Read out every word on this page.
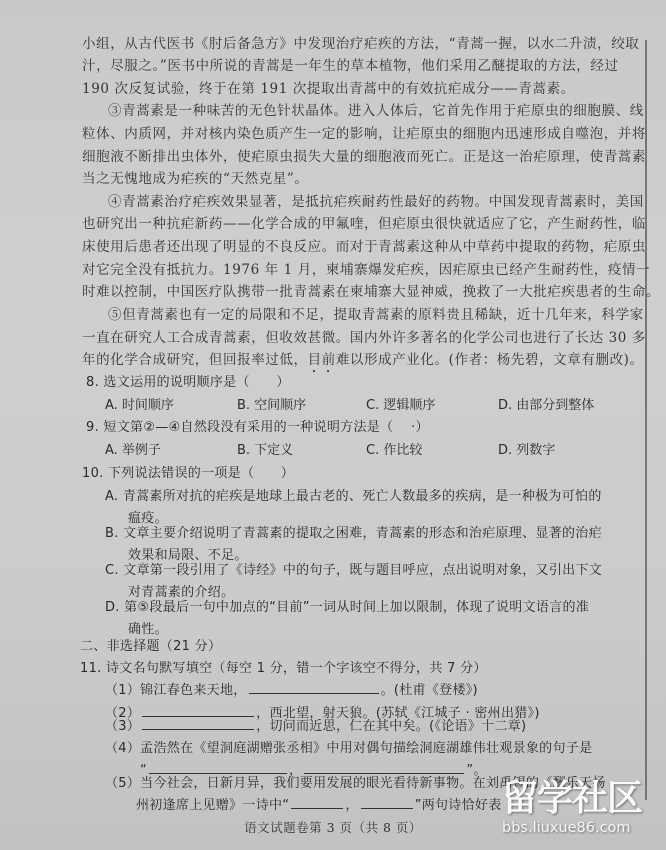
小组，从古代医书《肘后备急方》中发现治疗疟疾的方法，“青蒿一握，以水二升渍，绞取
汁，尽服之。”医书中所说的青蒿是一年生的草本植物，他们采用乙醚提取的方法，经过
190 次反复试验，终于在第 191 次提取出青蒿中的有效抗疟成分——青蒿素。
③青蒿素是一种味苦的无色针状晶体。进入人体后，它首先作用于疟原虫的细胞膜、线
粒体、内质网，并对核内染色质产生一定的影响，让疟原虫的细胞内迅速形成自噬泡，并将
细胞液不断排出虫体外，使疟原虫损失大量的细胞液而死亡。正是这一治疟原理，使青蒿素
当之无愧地成为疟疾的“天然克星”。
④青蒿素治疗疟疾效果显著，是抵抗疟疾耐药性最好的药物。中国发现青蒿素时，美国
也研究出一种抗疟新药——化学合成的甲氟喹，但疟原虫很快就适应了它，产生耐药性，临
床使用后患者还出现了明显的不良反应。而对于青蒿素这种从中草药中提取的药物，疟原虫
对它完全没有抵抗力。1976 年 1 月，柬埔寨爆发疟疾，因疟原虫已经产生耐药性，疫情一
时难以控制，中国医疗队携带一批青蒿素在柬埔寨大显神威，挽救了一大批疟疾患者的生命。
⑤但青蒿素也有一定的局限和不足，提取青蒿素的原料贵且稀缺，近十几年来，科学家
一直在研究人工合成青蒿素，但收效甚微。国内外许多著名的化学公司也进行了长达 30 多
年的化学合成研究，但回报率过低，目前难以形成产业化。(作者：杨先碧，文章有删改)。
8. 选文运用的说明顺序是（　　）
A. 时间顺序	B. 空间顺序	C. 逻辑顺序	D. 由部分到整体
9. 短文第②—④自然段没有采用的一种说明方法是（　 ·）
A. 举例子	B. 下定义	C. 作比较	D. 列数字
10. 下列说法错误的一项是（　　）
A. 青蒿素所对抗的疟疾是地球上最古老的、死亡人数最多的疾病，是一种极为可怕的
瘟疫。
B. 文章主要介绍说明了青蒿素的提取之困难，青蒿素的形态和治疟原理、显著的治疟
效果和局限、不足。
C. 文章第一段引用了《诗经》中的句子，既与题目呼应，点出说明对象，又引出下文
对青蒿素的介绍。
D. 第⑤段最后一句中加点的“目前”一词从时间上加以限制，体现了说明文语言的准
确性。
二、非选择题（21 分）
11. 诗文名句默写填空（每空 1 分，错一个字该空不得分，共 7 分）
（1）锦江春色来天地，	。(杜甫《登楼》)
（2）	，西北望，射天狼。(苏轼《江城子 · 密州出猎》)
（3）	，切问而近思，仁在其中矣。(《论语》十二章)
（4）孟浩然在《望洞庭湖赠张丞相》中用对偶句描绘洞庭湖雄伟壮观景象的句子是
“	，	”。
（5）当今社会，日新月异，我们要用发展的眼光看待新事物。在刘禹锡的《酬乐天扬
州初逢席上见赠》一诗中“	，	”两句诗恰好表
语文试题卷第 3 页（共 8 页）
留学社区
bbs.liuxue86.com
